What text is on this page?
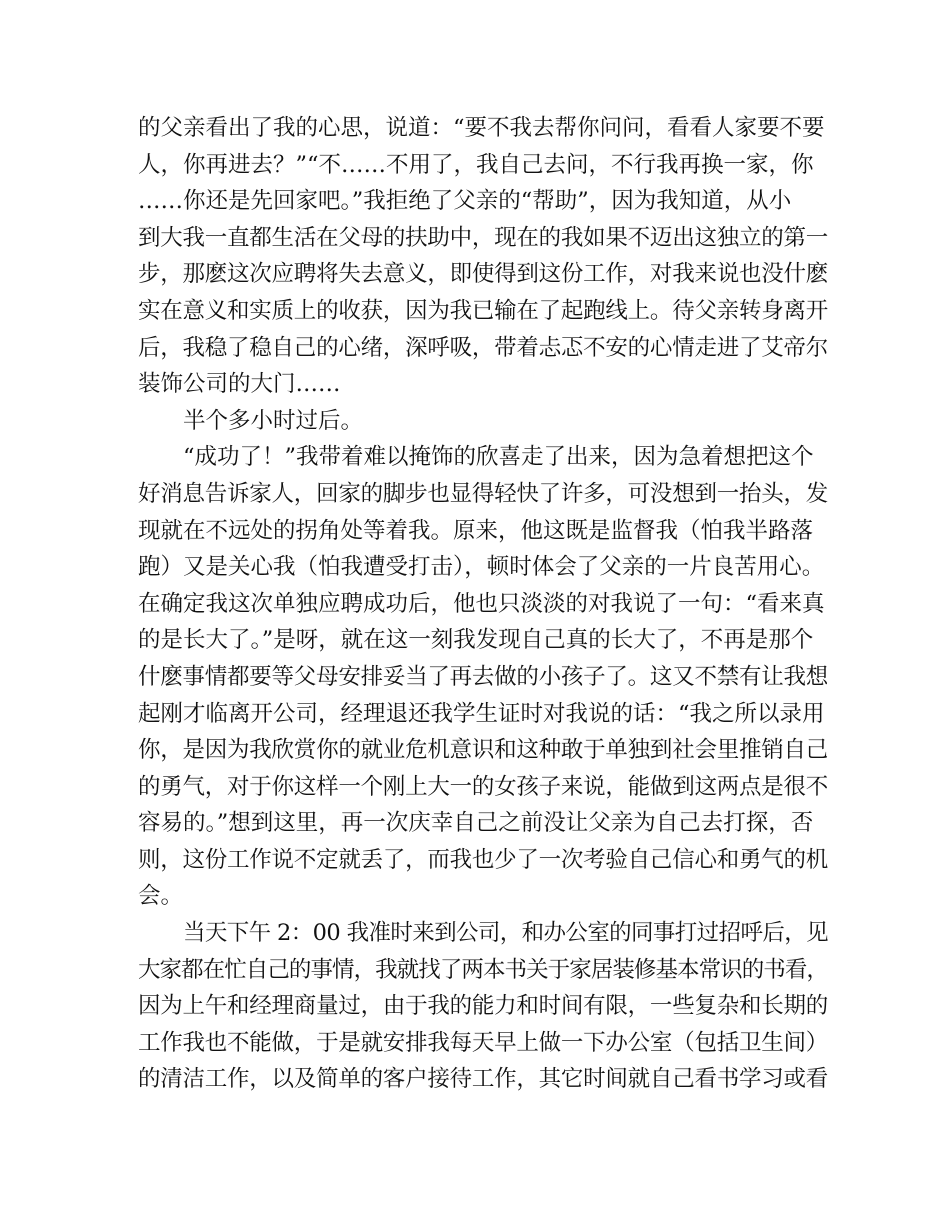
的父亲看出了我的心思，说道：“要不我去帮你问问，看看人家要不要
人，你再进去？”“不……不用了，我自己去问，不行我再换一家，你
……你还是先回家吧。”我拒绝了父亲的“帮助”，因为我知道，从小
到大我一直都生活在父母的扶助中，现在的我如果不迈出这独立的第一
步，那麽这次应聘将失去意义，即使得到这份工作，对我来说也没什麽
实在意义和实质上的收获，因为我已输在了起跑线上。待父亲转身离开
后，我稳了稳自己的心绪，深呼吸，带着忐忑不安的心情走进了艾帝尔
装饰公司的大门……
半个多小时过后。
“成功了！”我带着难以掩饰的欣喜走了出来，因为急着想把这个
好消息告诉家人，回家的脚步也显得轻快了许多，可没想到一抬头，发
现就在不远处的拐角处等着我。原来，他这既是监督我（怕我半路落
跑）又是关心我（怕我遭受打击），顿时体会了父亲的一片良苦用心。
在确定我这次单独应聘成功后，他也只淡淡的对我说了一句：“看来真
的是长大了。”是呀，就在这一刻我发现自己真的长大了，不再是那个
什麽事情都要等父母安排妥当了再去做的小孩子了。这又不禁有让我想
起刚才临离开公司，经理退还我学生证时对我说的话：“我之所以录用
你，是因为我欣赏你的就业危机意识和这种敢于单独到社会里推销自己
的勇气，对于你这样一个刚上大一的女孩子来说，能做到这两点是很不
容易的。”想到这里，再一次庆幸自己之前没让父亲为自己去打探，否
则，这份工作说不定就丢了，而我也少了一次考验自己信心和勇气的机
会。
当天下午 2：00 我准时来到公司，和办公室的同事打过招呼后，见
大家都在忙自己的事情，我就找了两本书关于家居装修基本常识的书看，
因为上午和经理商量过，由于我的能力和时间有限，一些复杂和长期的
工作我也不能做，于是就安排我每天早上做一下办公室（包括卫生间）
的清洁工作，以及简单的客户接待工作，其它时间就自己看书学习或看
